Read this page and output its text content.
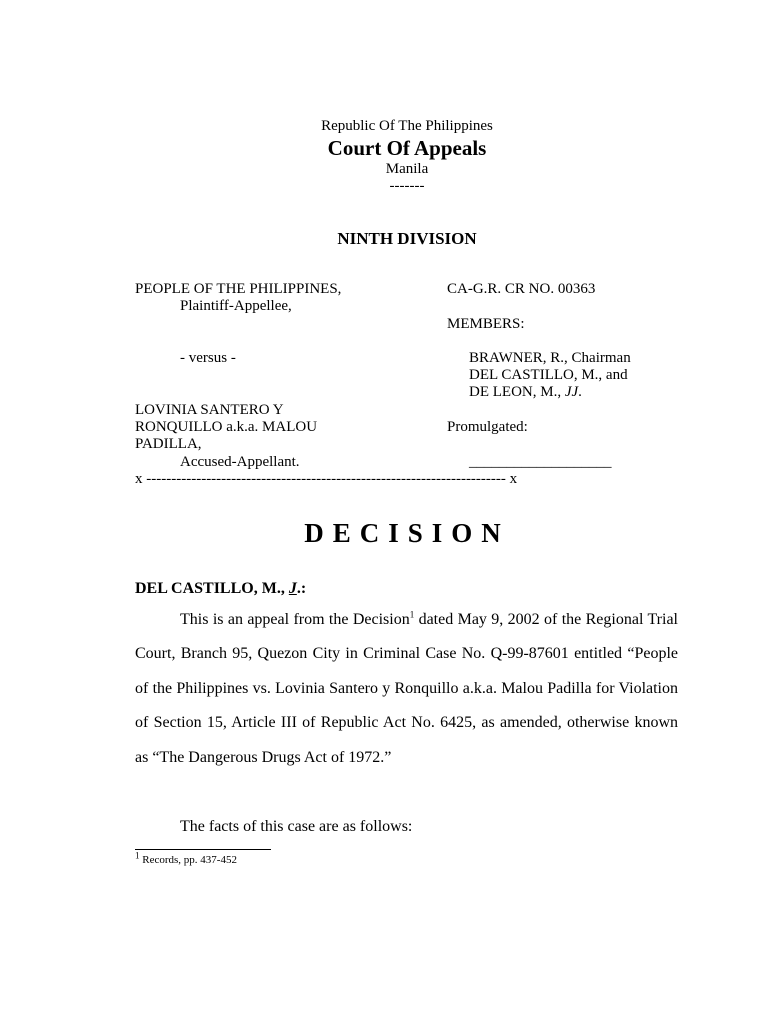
Republic Of The Philippines
Court Of Appeals
Manila
-------
NINTH DIVISION
PEOPLE OF THE PHILIPPINES,
Plaintiff-Appellee,
- versus -
LOVINIA SANTERO Y
RONQUILLO a.k.a. MALOU
PADILLA,
Accused-Appellant.
CA-G.R. CR NO. 00363
MEMBERS:
BRAWNER, R., Chairman
DEL CASTILLO, M., and
DE LEON, M., JJ.
Promulgated:
___________________
x ------------------------------------------------------------------------ x
DECISION
DEL CASTILLO, M., J.:
This is an appeal from the Decision$^1$ dated May 9, 2002 of the Regional Trial Court, Branch 95, Quezon City in Criminal Case No. Q-99-87601 entitled “People of the Philippines vs. Lovinia Santero y Ronquillo a.k.a. Malou Padilla for Violation of Section 15, Article III of Republic Act No. 6425, as amended, otherwise known as “The Dangerous Drugs Act of 1972.”
The facts of this case are as follows:
$^1$ Records, pp. 437-452
